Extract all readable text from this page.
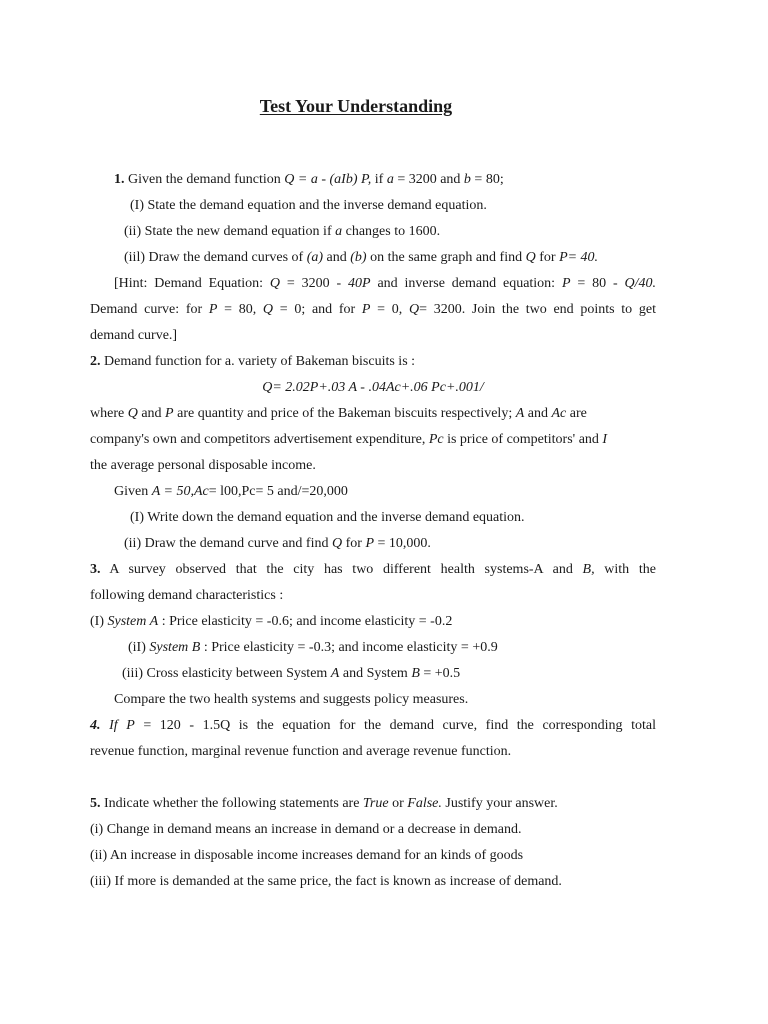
Test Your Understanding
1. Given the demand function Q = a - (aIb) P, if a = 3200 and b = 80;
(I) State the demand equation and the inverse demand equation.
(ii) State the new demand equation if a changes to 1600.
(iil) Draw the demand curves of (a) and (b) on the same graph and find Q for P= 40.
[Hint: Demand Equation: Q = 3200 - 40P and inverse demand equation: P = 80 - Q/40.
Demand curve: for P = 80, Q = 0; and for P = 0, Q= 3200. Join the two end points to get
demand curve.]
2. Demand function for a. variety of Bakeman biscuits is :
Q= 2.02P+.03 A - .04Ac+.06 Pc+.001/
where Q and P are quantity and price of the Bakeman biscuits respectively; A and Ac are
company's own and competitors advertisement expenditure, Pc is price of competitors' and I
the average personal disposable income.
Given A = 50,Ac= l00,Pc= 5 and/=20,000
(I) Write down the demand equation and the inverse demand equation.
(ii) Draw the demand curve and find Q for P = 10,000.
3. A survey observed that the city has two different health systems-A and B, with the
following demand characteristics :
(I) System A : Price elasticity = -0.6; and income elasticity = -0.2
(iI) System B : Price elasticity = -0.3; and income elasticity = +0.9
(iii) Cross elasticity between System A and System B = +0.5
Compare the two health systems and suggests policy measures.
4. If P = 120 - 1.5Q is the equation for the demand curve, find the corresponding total
revenue function, marginal revenue function and average revenue function.
5. Indicate whether the following statements are True or False. Justify your answer.
(i) Change in demand means an increase in demand or a decrease in demand.
(ii) An increase in disposable income increases demand for an kinds of goods
(iii) If more is demanded at the same price, the fact is known as increase of demand.
